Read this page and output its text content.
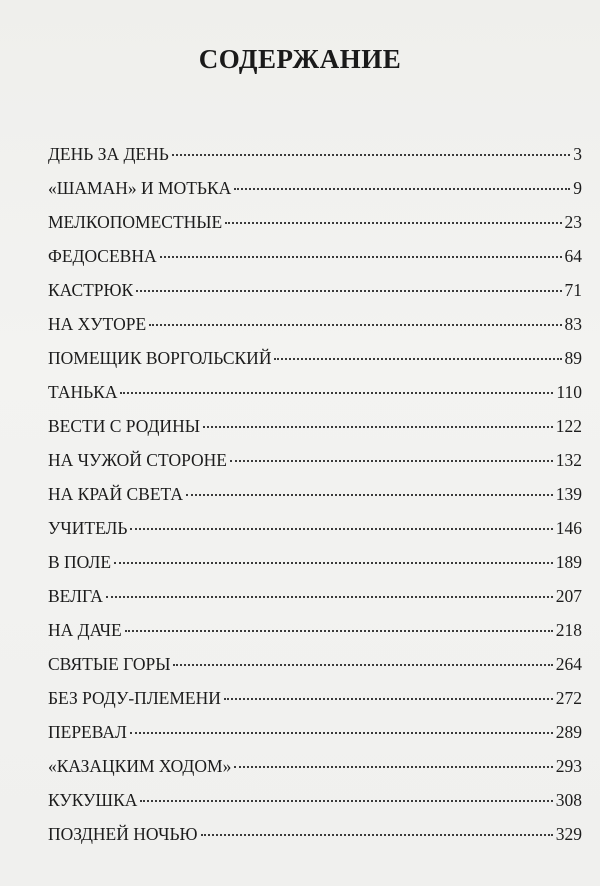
СОДЕРЖАНИЕ
ДЕНЬ ЗА ДЕНЬ	3
«ШАМАН» И МОТЬКА	9
МЕЛКОПОМЕСТНЫЕ	23
ФЕДОСЕВНА	64
КАСТРЮК	71
НА ХУТОРЕ	83
ПОМЕЩИК ВОРГОЛЬСКИЙ	89
ТАНЬКА	110
ВЕСТИ С РОДИНЫ	122
НА ЧУЖОЙ СТОРОНЕ	132
НА КРАЙ СВЕТА	139
УЧИТЕЛЬ	146
В ПОЛЕ	189
ВЕЛГА	207
НА ДАЧЕ	218
СВЯТЫЕ ГОРЫ	264
БЕЗ РОДУ-ПЛЕМЕНИ	272
ПЕРЕВАЛ	289
«КАЗАЦКИМ ХОДОМ»	293
КУКУШКА	308
ПОЗДНЕЙ НОЧЬЮ	329
